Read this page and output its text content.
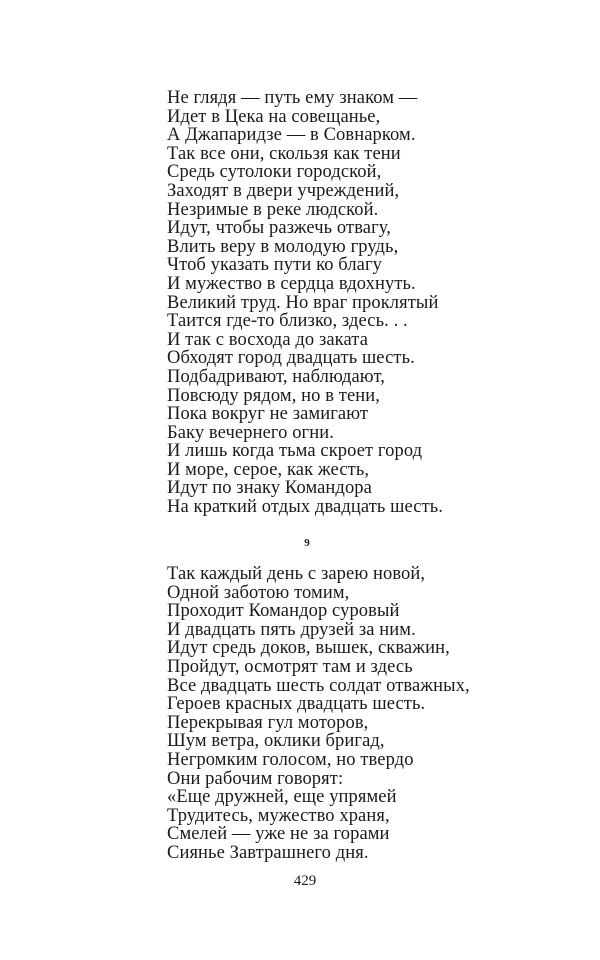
Не глядя — путь ему знаком —
Идет в Цека на совещанье,
А Джапаридзе — в Совнарком.
Так все они, скользя как тени
Средь сутолоки городской,
Заходят в двери учреждений,
Незримые в реке людской.
Идут, чтобы разжечь отвагу,
Влить веру в молодую грудь,
Чтоб указать пути ко благу
И мужество в сердца вдохнуть.
Великий труд. Но враг проклятый
Таится где-то близко, здесь. . .
И так с восхода до заката
Обходят город двадцать шесть.
Подбадривают, наблюдают,
Повсюду рядом, но в тени,
Пока вокруг не замигают
Баку вечернего огни.
И лишь когда тьма скроет город
И море, серое, как жесть,
Идут по знаку Командора
На краткий отдых двадцать шесть.
9
Так каждый день с зарею новой,
Одной заботою томим,
Проходит Командор суровый
И двадцать пять друзей за ним.
Идут средь доков, вышек, скважин,
Пройдут, осмотрят там и здесь
Все двадцать шесть солдат отважных,
Героев красных двадцать шесть.
Перекрывая гул моторов,
Шум ветра, оклики бригад,
Негромким голосом, но твердо
Они рабочим говорят:
«Еще дружней, еще упрямей
Трудитесь, мужество храня,
Смелей — уже не за горами
Сиянье Завтрашнего дня.
429
